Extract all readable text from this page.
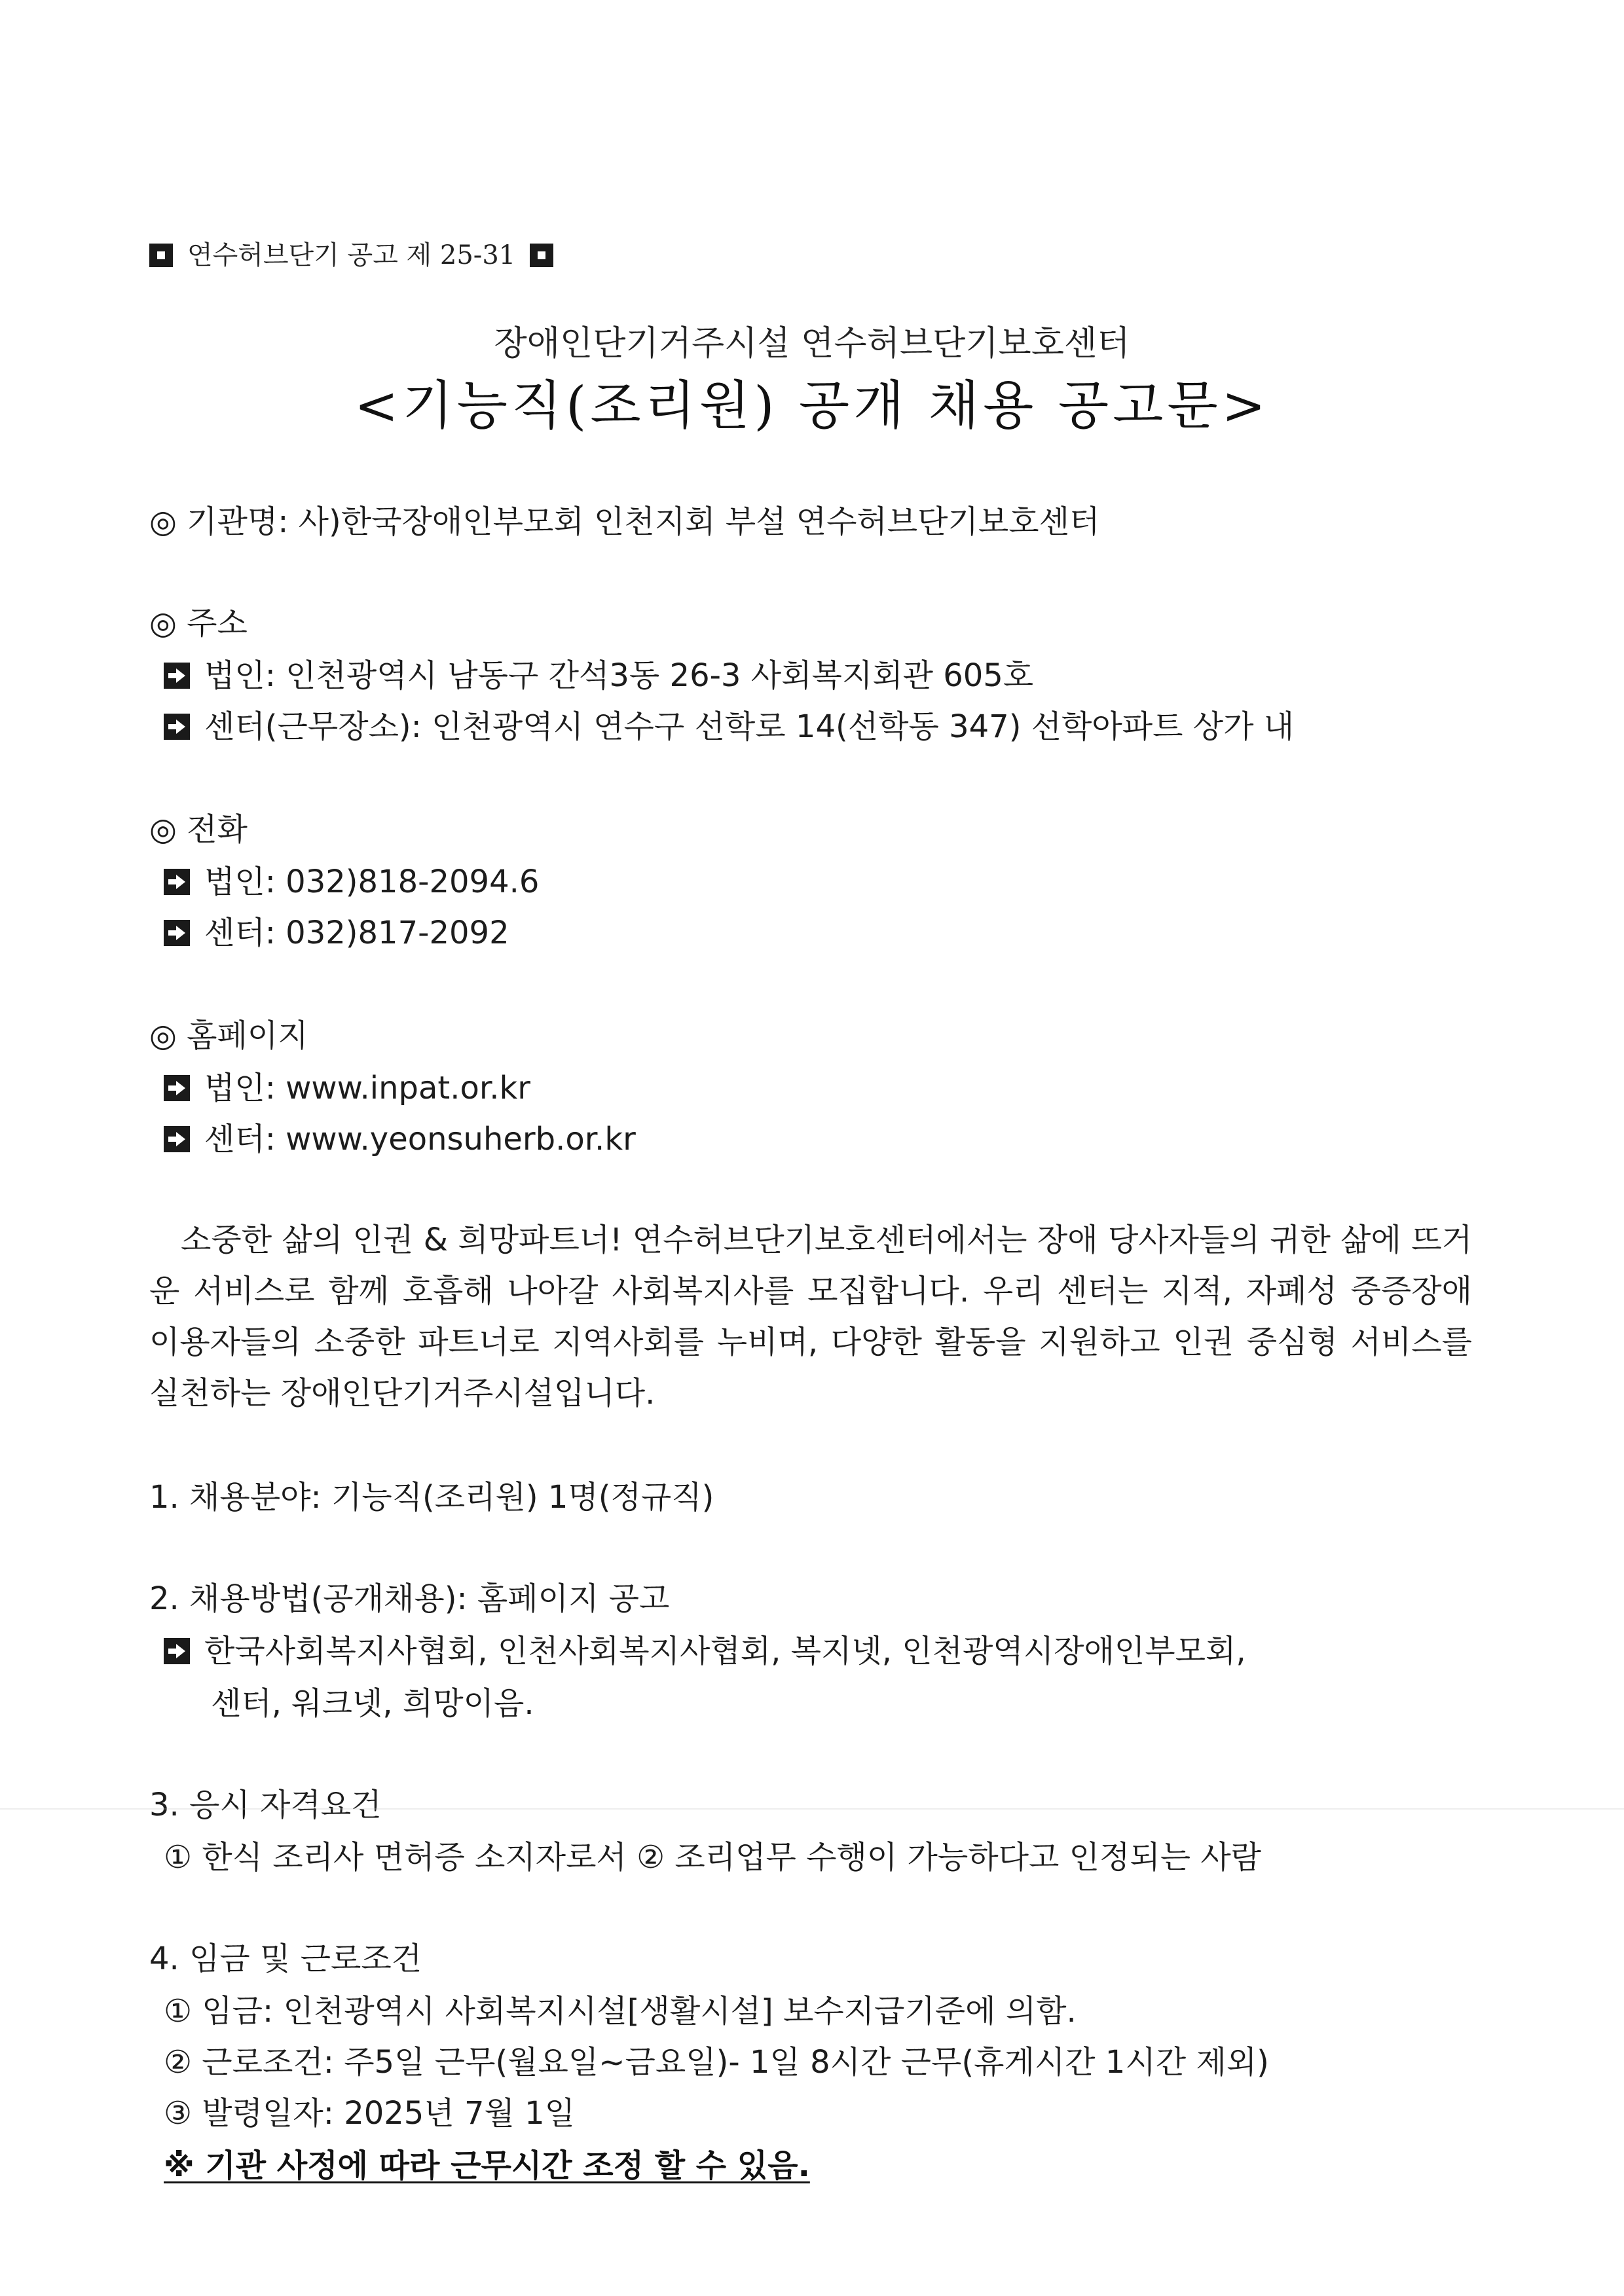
연수허브단기 공고 제 25-31
장애인단기거주시설 연수허브단기보호센터
<기능직(조리원) 공개 채용 공고문>
◎ 기관명: 사)한국장애인부모회 인천지회 부설 연수허브단기보호센터
◎ 주소
법인: 인천광역시 남동구 간석3동 26-3 사회복지회관 605호
센터(근무장소): 인천광역시 연수구 선학로 14(선학동 347) 선학아파트 상가 내
◎ 전화
법인: 032)818-2094.6
센터: 032)817-2092
◎ 홈페이지
법인: www.inpat.or.kr
센터: www.yeonsuherb.or.kr
소중한 삶의 인권 & 희망파트너! 연수허브단기보호센터에서는 장애 당사자들의 귀한 삶에 뜨거운 서비스로 함께 호흡해 나아갈 사회복지사를 모집합니다. 우리 센터는 지적, 자폐성 중증장애 이용자들의 소중한 파트너로 지역사회를 누비며, 다양한 활동을 지원하고 인권 중심형 서비스를 실천하는 장애인단기거주시설입니다.
1. 채용분야: 기능직(조리원) 1명(정규직)
2. 채용방법(공개채용): 홈페이지 공고
한국사회복지사협회, 인천사회복지사협회, 복지넷, 인천광역시장애인부모회,
센터, 워크넷, 희망이음.
3. 응시 자격요건
① 한식 조리사 면허증 소지자로서 ② 조리업무 수행이 가능하다고 인정되는 사람
4. 임금 및 근로조건
① 임금: 인천광역시 사회복지시설[생활시설] 보수지급기준에 의함.
② 근로조건: 주5일 근무(월요일~금요일)- 1일 8시간 근무(휴게시간 1시간 제외)
③ 발령일자: 2025년 7월 1일
※ 기관 사정에 따라 근무시간 조정 할 수 있음.
